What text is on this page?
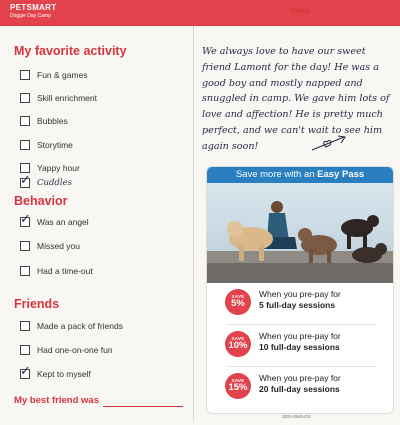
PETSMART
Doggie Day Camp
My favorite activity
Fun & games
Skill enrichment
Bubbles
Storytime
Yappy hour
✓ Cuddles
Behavior
✓ Was an angel
Missed you
Had a time-out
Friends
Made a pack of friends
Had one-on-one fun
✓ Kept to myself
My best friend was
Notes
We always love to have our sweet friend Lamont for the day! He was a good boy and mostly napped and snuggled in camp. We gave him lots of love and affection! He is pretty much perfect, and we can't wait to see him again soon!
Save more with an Easy Pass
SAVE
5%
When you pre-pay for
5 full-day sessions
SAVE
10%
When you pre-pay for
10 full-day sessions
SAVE
15%
When you pre-pay for
20 full-day sessions
SDN-0845-DS
